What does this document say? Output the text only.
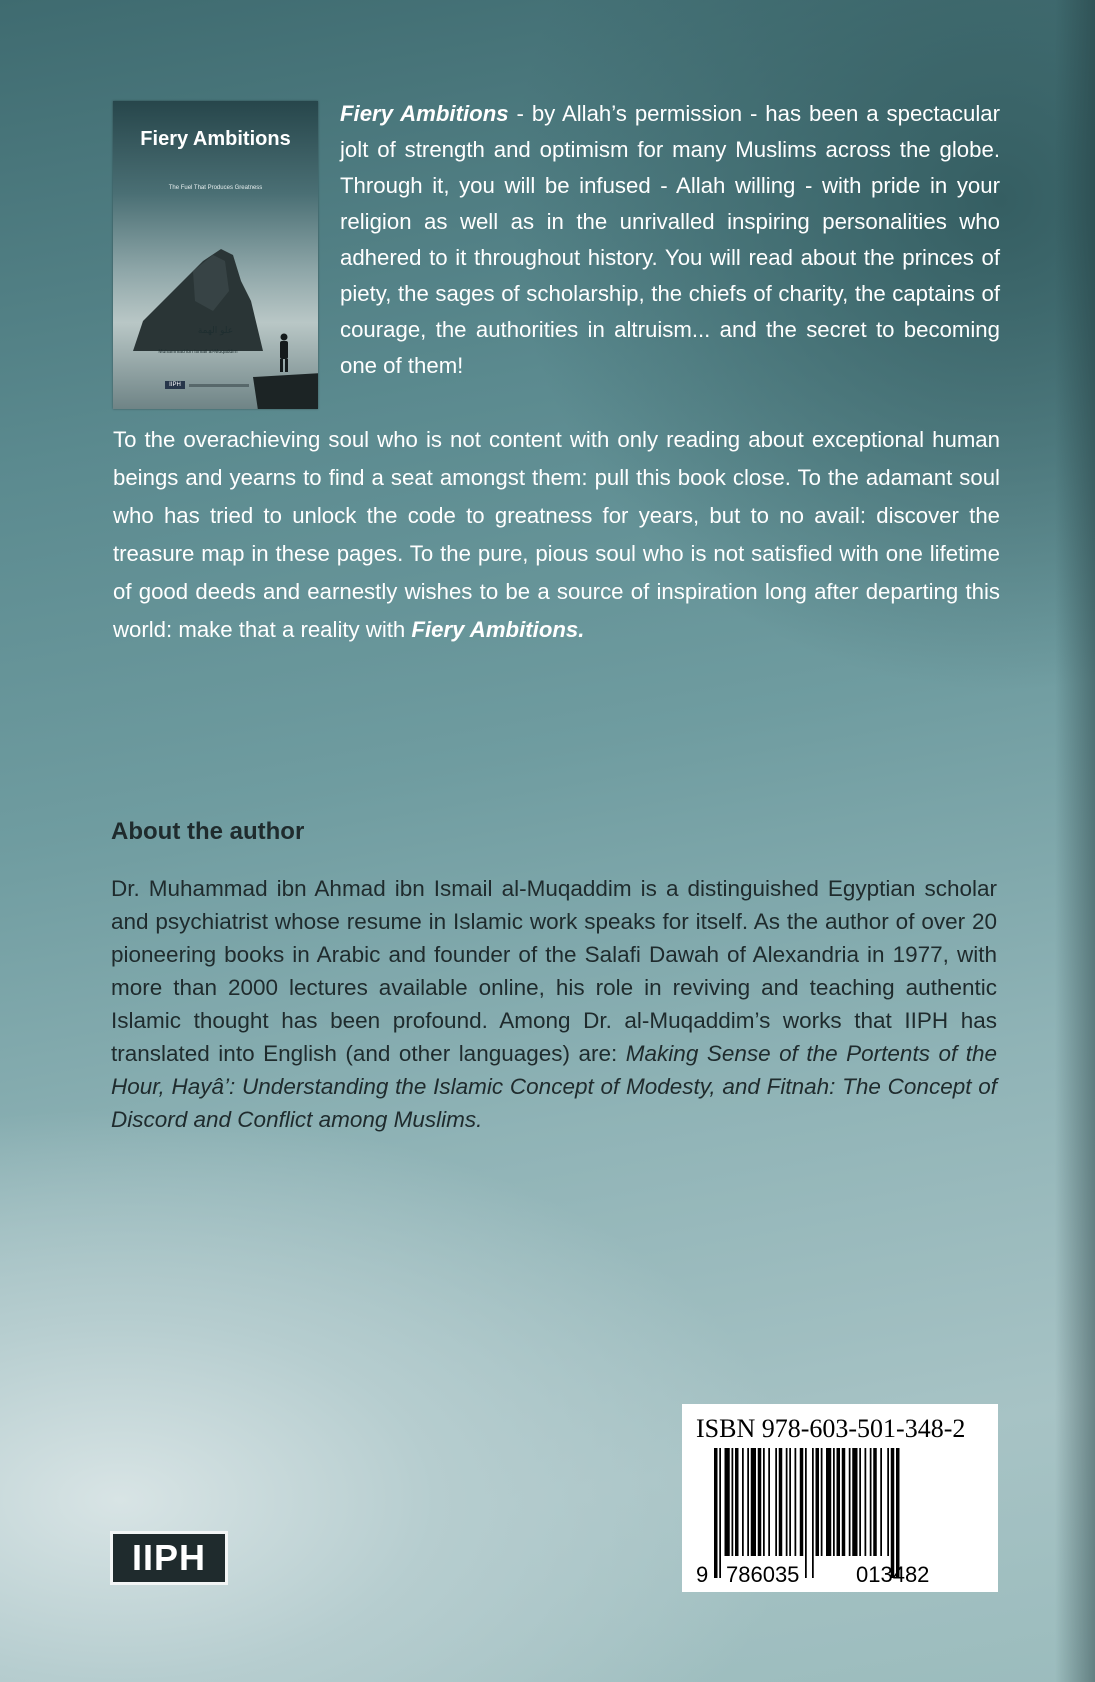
Fiery Ambitions
The Fuel That Produces Greatness
علو الهمة
Muhammad ibn Ismail al-Muqaddim
IIPH
Fiery Ambitions - by Allah’s permission - has been a spectacular jolt of strength and optimism for many Muslims across the globe. Through it, you will be infused - Allah willing - with pride in your religion as well as in the unrivalled inspiring personalities who adhered to it throughout history. You will read about the princes of piety, the sages of scholarship, the chiefs of charity, the captains of courage, the authorities in altruism... and the secret to becoming one of them!
To the overachieving soul who is not content with only reading about exceptional human beings and yearns to find a seat amongst them: pull this book close. To the adamant soul who has tried to unlock the code to greatness for years, but to no avail: discover the treasure map in these pages. To the pure, pious soul who is not satisfied with one lifetime of good deeds and earnestly wishes to be a source of inspiration long after departing this world: make that a reality with Fiery Ambitions.
About the author
Dr. Muhammad ibn Ahmad ibn Ismail al-Muqaddim is a distinguished Egyptian scholar and psychiatrist whose resume in Islamic work speaks for itself. As the author of over 20 pioneering books in Arabic and founder of the Salafi Dawah of Alexandria in 1977, with more than 2000 lectures available online, his role in reviving and teaching authentic Islamic thought has been profound. Among Dr. al-Muqaddim’s works that IIPH has translated into English (and other languages) are: Making Sense of the Portents of the Hour, Hayâ’: Understanding the Islamic Concept of Modesty, and Fitnah: The Concept of Discord and Conflict among Muslims.
ISBN 978-603-501-348-2
9 786035	013482
IIPH
